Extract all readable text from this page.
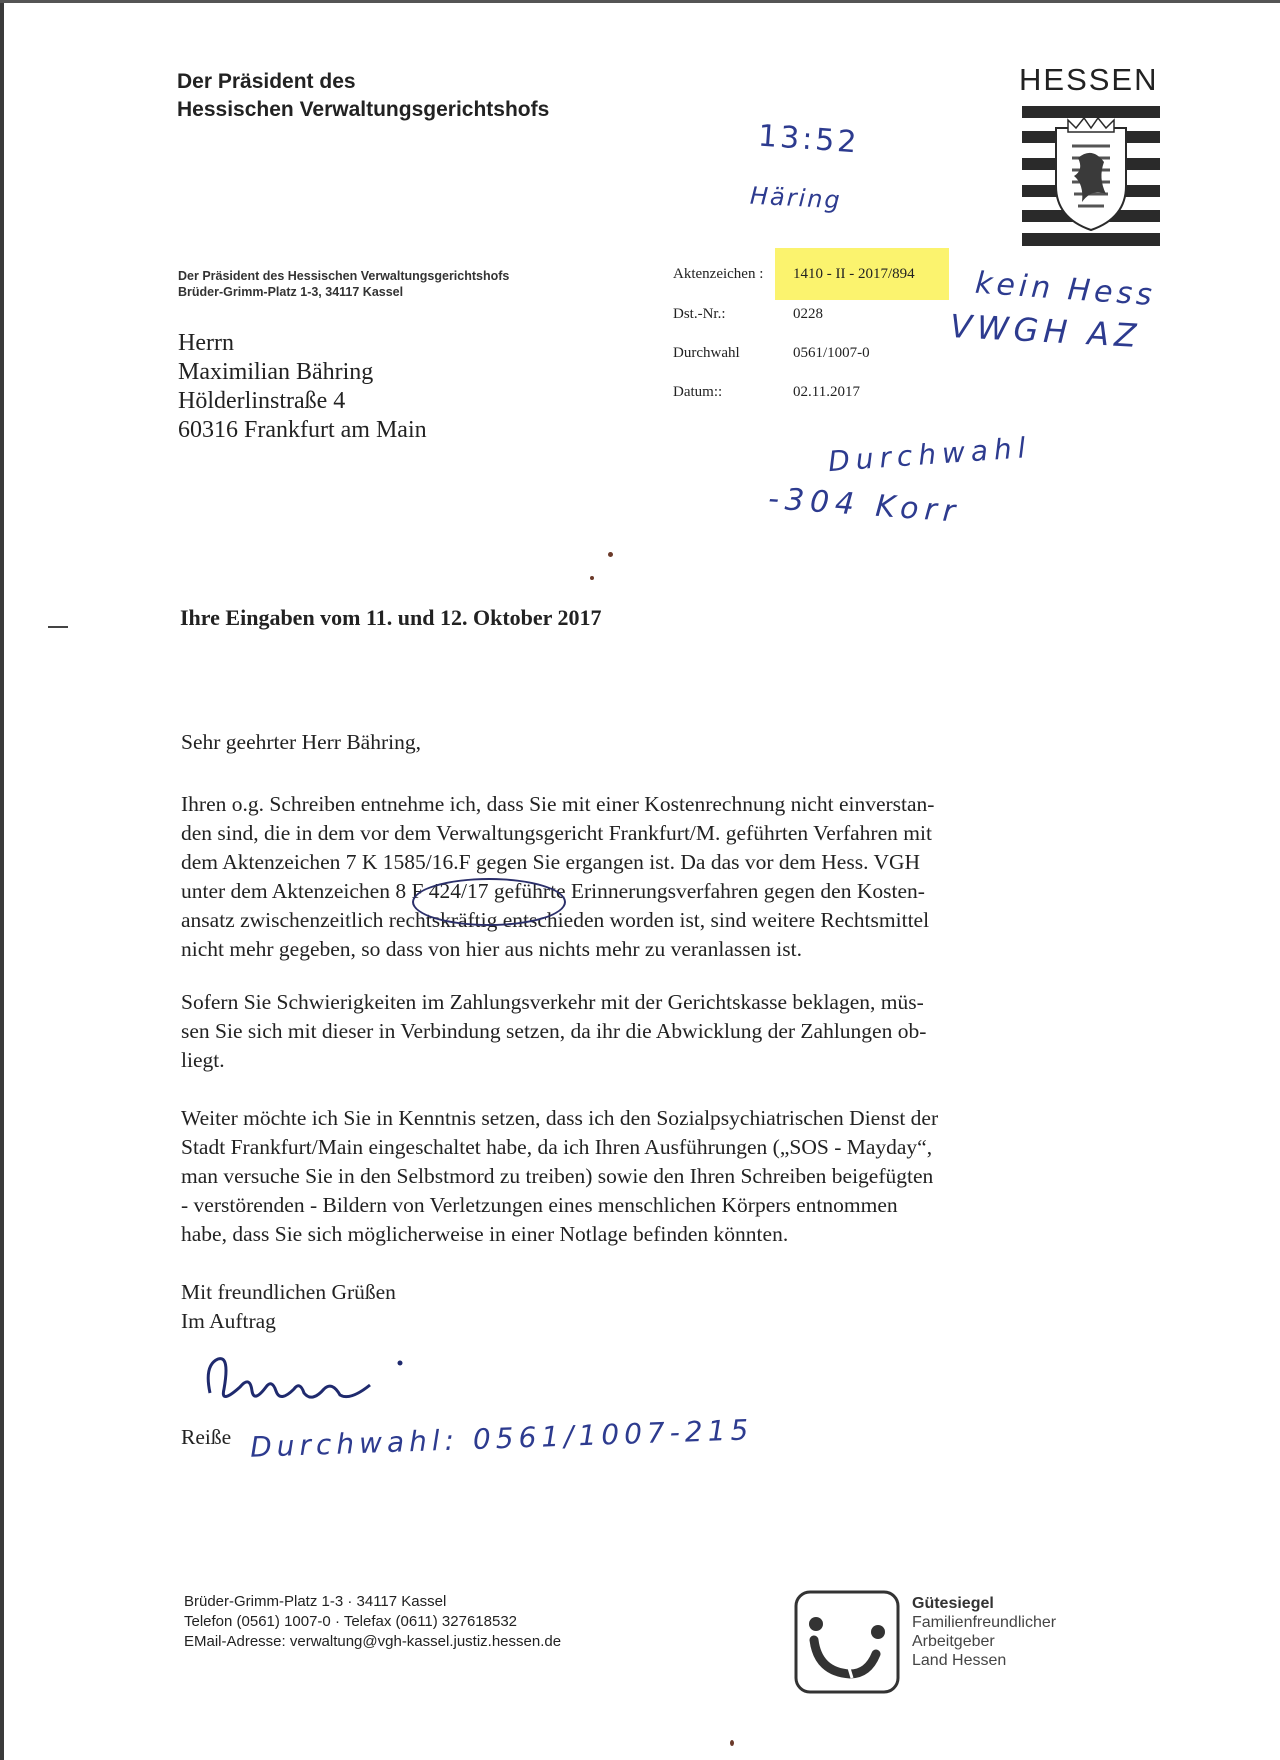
Der Präsident des
Hessischen Verwaltungsgerichtshofs
HESSEN
Der Präsident des Hessischen Verwaltungsgerichtshofs
Brüder-Grimm-Platz 1-3, 34117 Kassel
Herrn
Maximilian Bähring
Hölderlinstraße 4
60316 Frankfurt am Main
Aktenzeichen : 1410 - II - 2017/894
Dst.-Nr.:	0228
Durchwahl	0561/1007-0
Datum::	02.11.2017
Ihre Eingaben vom 11. und 12. Oktober 2017
Sehr geehrter Herr Bähring,
Ihren o.g. Schreiben entnehme ich, dass Sie mit einer Kostenrechnung nicht einverstan-
den sind, die in dem vor dem Verwaltungsgericht Frankfurt/M. geführten Verfahren mit
dem Aktenzeichen 7 K 1585/16.F gegen Sie ergangen ist. Da das vor dem Hess. VGH
unter dem Aktenzeichen 8 F 424/17 geführte Erinnerungsverfahren gegen den Kosten-
ansatz zwischenzeitlich rechtskräftig entschieden worden ist, sind weitere Rechtsmittel
nicht mehr gegeben, so dass von hier aus nichts mehr zu veranlassen ist.
Sofern Sie Schwierigkeiten im Zahlungsverkehr mit der Gerichtskasse beklagen, müs-
sen Sie sich mit dieser in Verbindung setzen, da ihr die Abwicklung der Zahlungen ob-
liegt.
Weiter möchte ich Sie in Kenntnis setzen, dass ich den Sozialpsychiatrischen Dienst der
Stadt Frankfurt/Main eingeschaltet habe, da ich Ihren Ausführungen („SOS - Mayday“,
man versuche Sie in den Selbstmord zu treiben) sowie den Ihren Schreiben beigefügten
- verstörenden - Bildern von Verletzungen eines menschlichen Körpers entnommen
habe, dass Sie sich möglicherweise in einer Notlage befinden könnten.
Mit freundlichen Grüßen
Im Auftrag
Reiße
13:52
Häring
kein Hess
VWGH AZ
Durchwahl
-304 Korr
Durchwahl: 0561/1007-215
Brüder-Grimm-Platz 1-3 · 34117 Kassel
Telefon (0561) 1007-0 · Telefax (0611) 327618532
EMail-Adresse: verwaltung@vgh-kassel.justiz.hessen.de
Gütesiegel
Familienfreundlicher
Arbeitgeber
Land Hessen
